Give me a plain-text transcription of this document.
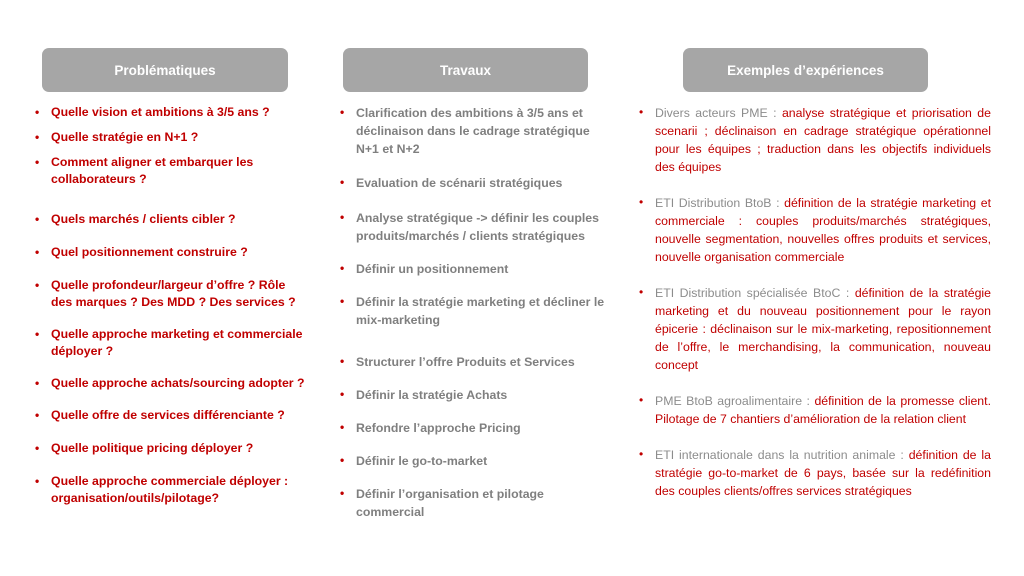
Problématiques	Travaux	Exemples d’expériences
• Quelle vision et ambitions à 3/5 ans ?
• Quelle stratégie en N+1 ?
• Comment aligner et embarquer les collaborateurs ?
• Quels marchés / clients cibler ?
• Quel positionnement construire ?
• Quelle profondeur/largeur d’offre ? Rôle des marques ? Des MDD ? Des services ?
• Quelle approche marketing et commerciale déployer ?
• Quelle approche achats/sourcing adopter ?
• Quelle offre de services différenciante ?
• Quelle politique pricing déployer ?
• Quelle approche commerciale déployer : organisation/outils/pilotage?
• Clarification des ambitions à 3/5 ans et déclinaison dans le cadrage stratégique N+1 et N+2
• Evaluation de scénarii stratégiques
• Analyse stratégique -> définir les couples produits/marchés / clients stratégiques
• Définir un positionnement
• Définir la stratégie marketing et décliner le mix-marketing
• Structurer l’offre Produits et Services
• Définir la stratégie Achats
• Refondre l’approche Pricing
• Définir le go-to-market
• Définir l’organisation et pilotage commercial
• Divers acteurs PME : analyse stratégique et priorisation de scenarii ; déclinaison en cadrage stratégique opérationnel pour les équipes ; traduction dans les objectifs individuels des équipes
• ETI Distribution BtoB : définition de la stratégie marketing et commerciale : couples produits/marchés stratégiques, nouvelle segmentation, nouvelles offres produits et services, nouvelle organisation commerciale
• ETI Distribution spécialisée BtoC : définition de la stratégie marketing et du nouveau positionnement pour le rayon épicerie : déclinaison sur le mix-marketing, repositionnement de l’offre, le merchandising, la communication, nouveau concept
• PME BtoB agroalimentaire : définition de la promesse client. Pilotage de 7 chantiers d’amélioration de la relation client
• ETI internationale dans la nutrition animale : définition de la stratégie go-to-market de 6 pays, basée sur la redéfinition des couples clients/offres services stratégiques
